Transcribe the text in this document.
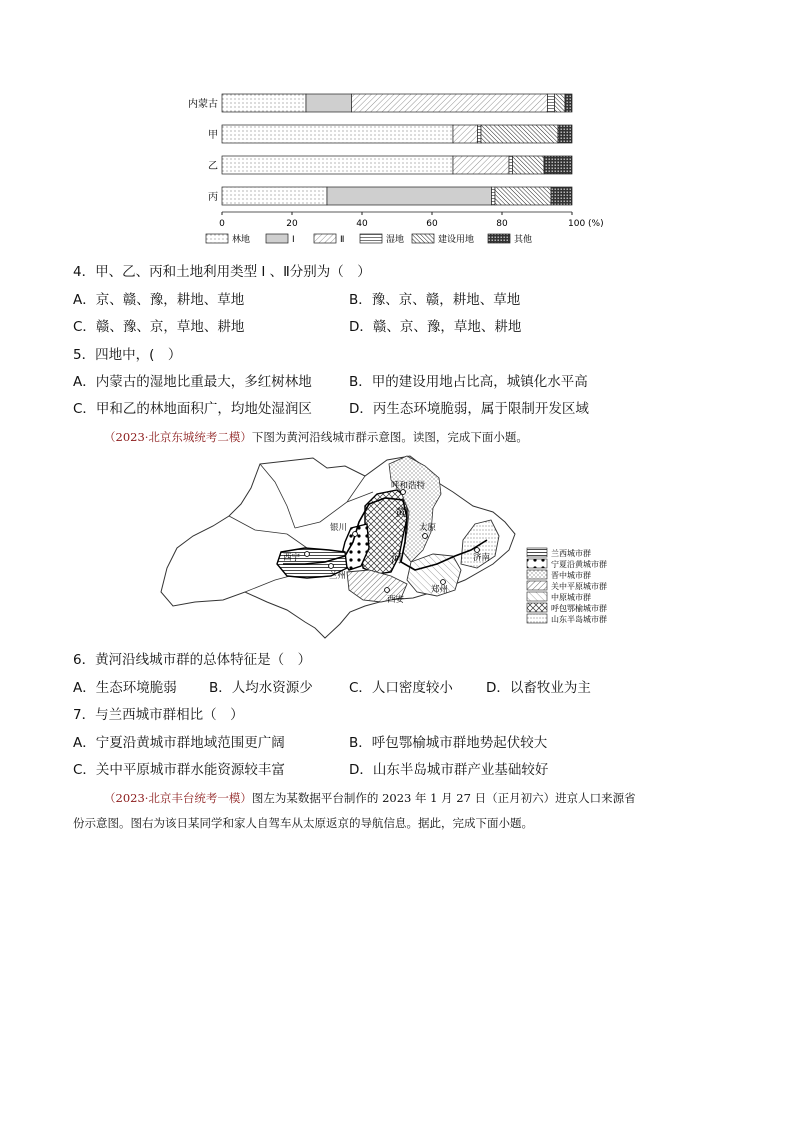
内蒙古
甲
乙
丙
0	20	40	60	80	100 (%)
林地	Ⅰ	Ⅱ	湿地	建设用地	其他
4．甲、乙、丙和土地利用类型 Ⅰ 、Ⅱ分别为（　）
A．京、赣、豫，耕地、草地	B．豫、京、赣，耕地、草地
C．赣、豫、京，草地、耕地	D．赣、京、豫，草地、耕地
5．四地中，(　）
A．内蒙古的湿地比重最大，多红树林地	B．甲的建设用地占比高，城镇化水平高
C．甲和乙的林地面积广，均地处湿润区	D．丙生态环境脆弱，属于限制开发区域
（2023·北京东城统考二模）下图为黄河沿线城市群示意图。读图，完成下面小题。
呼和浩特
银川	太原
西宁
兰州
西安
郑州
济南
黄
河	兰西城市群
宁夏沿黄城市群
晋中城市群
关中平原城市群
中原城市群
呼包鄂榆城市群
山东半岛城市群
6．黄河沿线城市群的总体特征是（　）
A．生态环境脆弱 B．人均水资源少	C．人口密度较小 D．以畜牧业为主
7．与兰西城市群相比（　）
A．宁夏沿黄城市群地域范围更广阔	B．呼包鄂榆城市群地势起伏较大
C．关中平原城市群水能资源较丰富	D．山东半岛城市群产业基础较好
（2023·北京丰台统考一模）图左为某数据平台制作的 2023 年 1 月 27 日（正月初六）进京人口来源省
份示意图。图右为该日某同学和家人自驾车从太原返京的导航信息。据此，完成下面小题。
